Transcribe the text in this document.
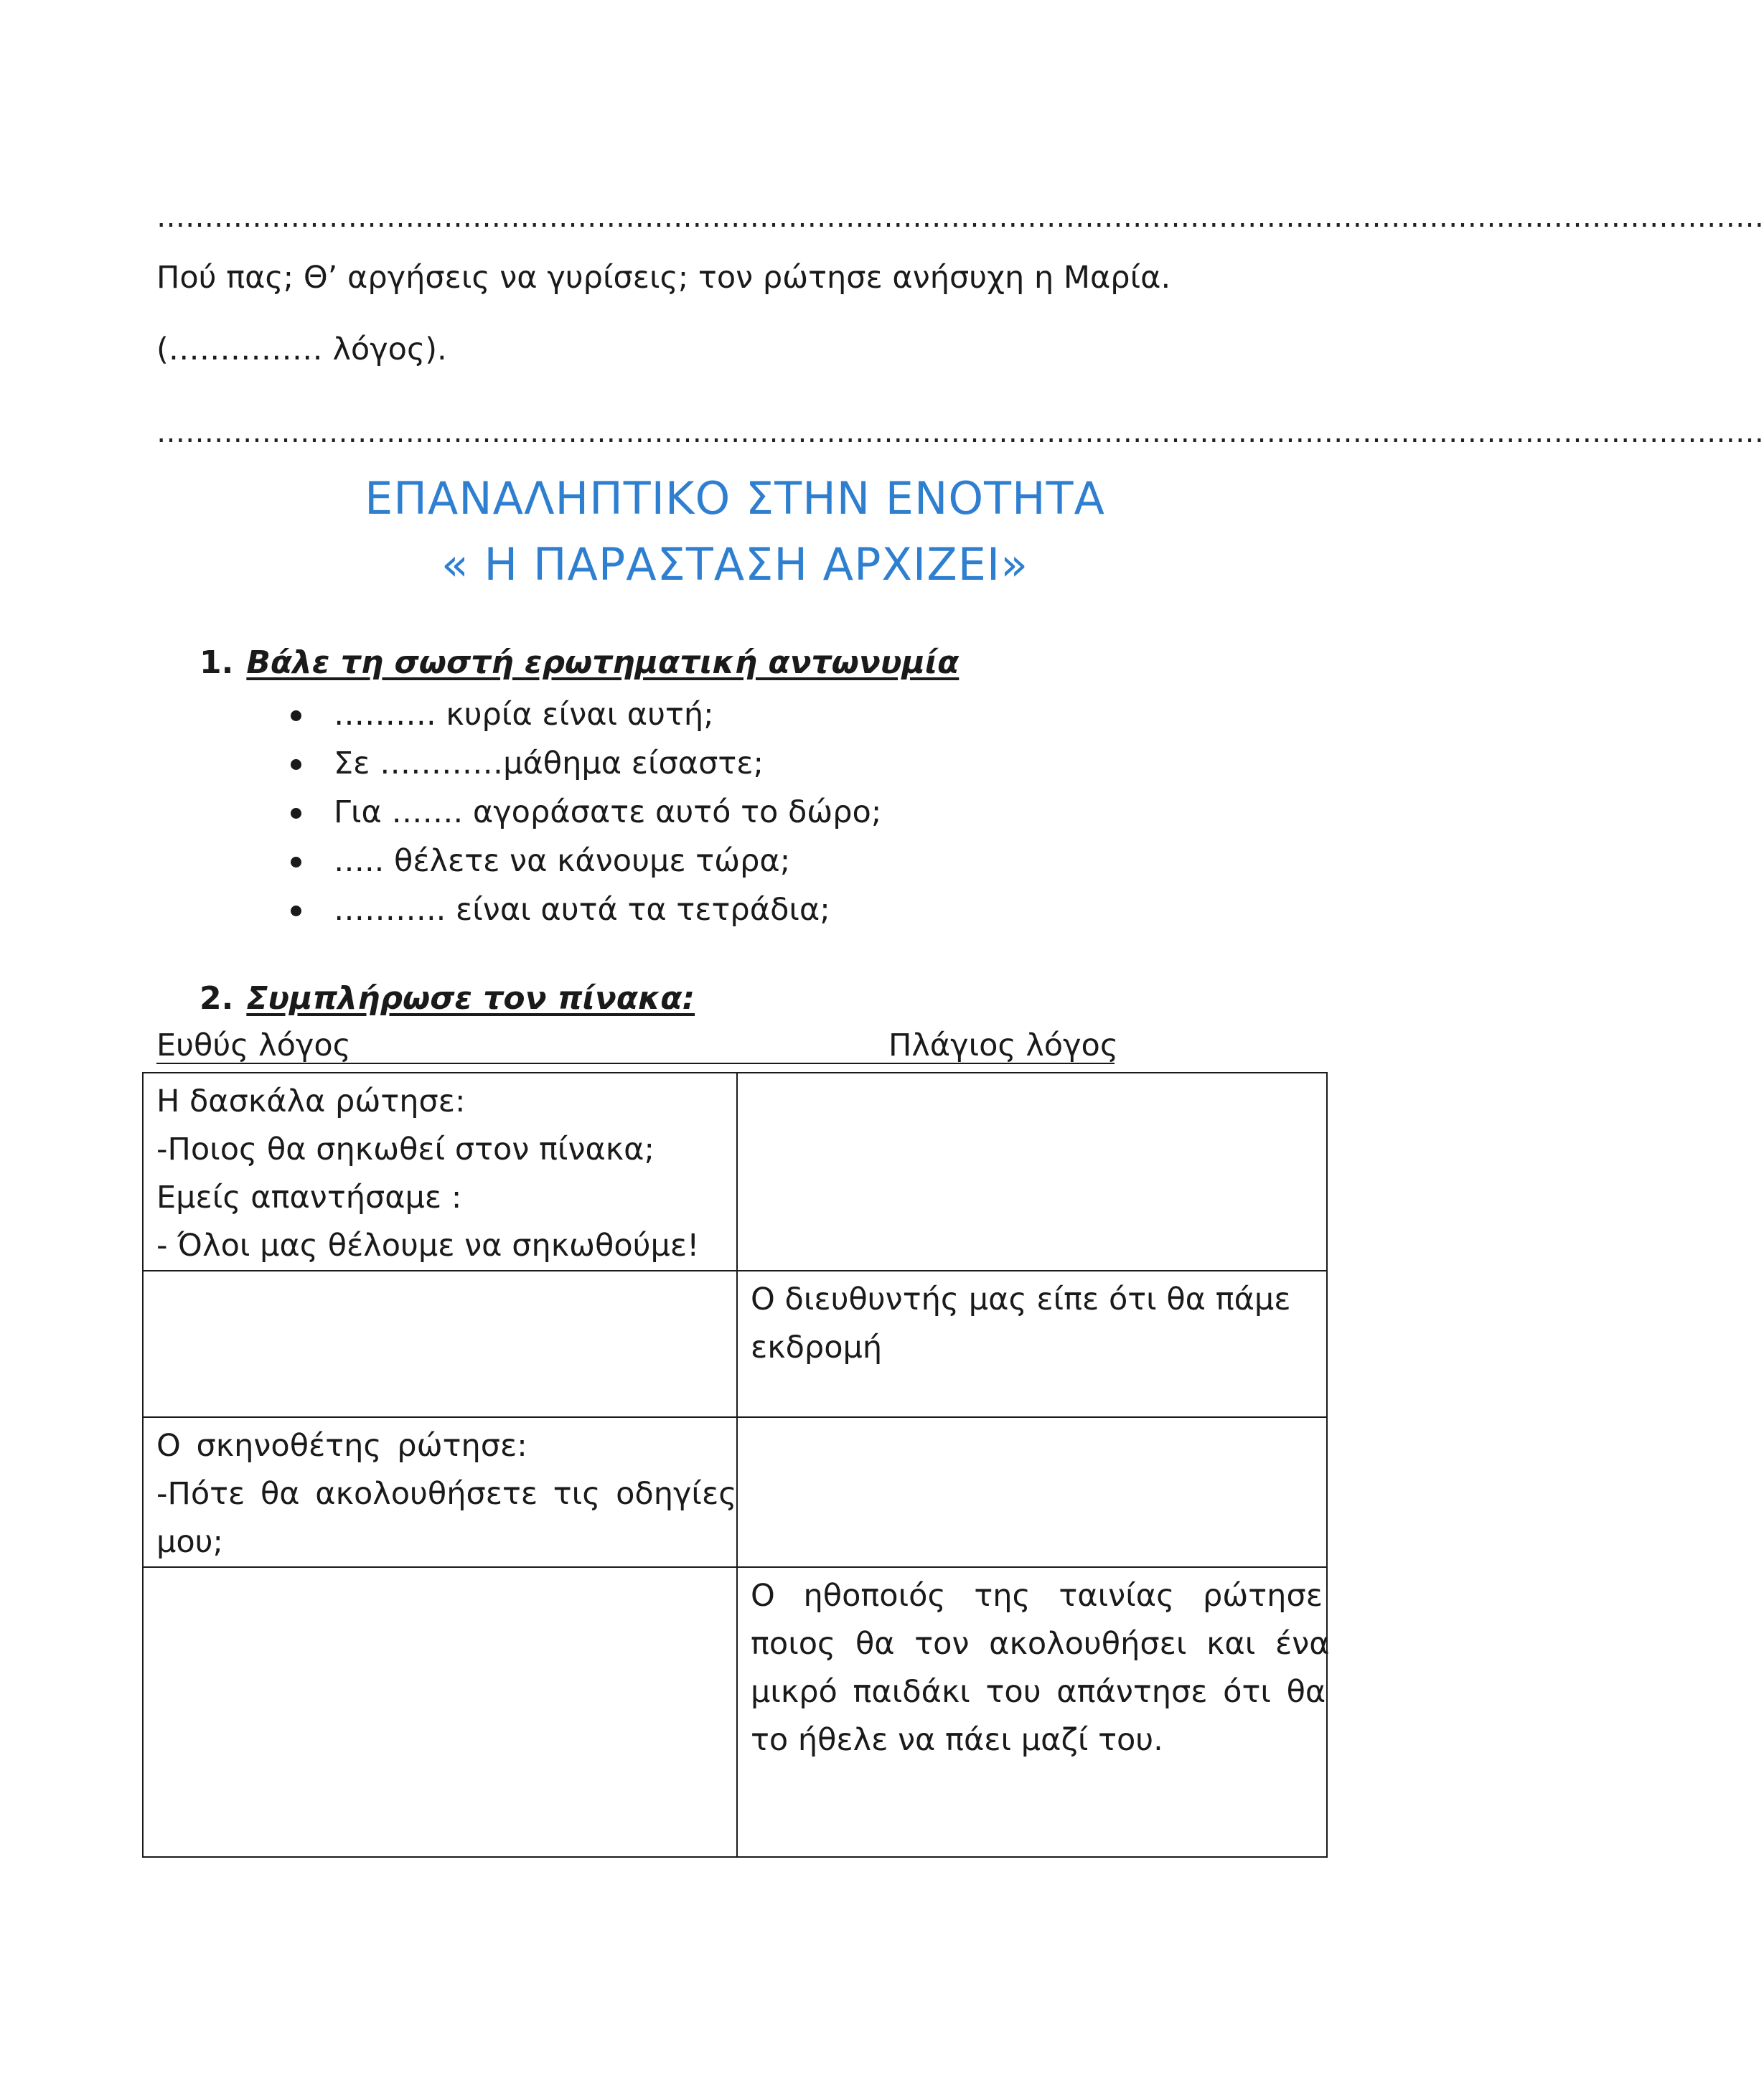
……………………………………………………………………………………………………………………………………………………
Πού πας; Θ’ αργήσεις να γυρίσεις; τον ρώτησε ανήσυχη η Μαρία.
(…………… λόγος).
……………………………………………………………………………………………………………………………………………………
ΕΠΑΝΑΛΗΠΤΙΚΟ ΣΤΗΝ ΕΝΟΤΗΤΑ
« Η ΠΑΡΑΣΤΑΣΗ ΑΡΧΙΖΕΙ»
1. Βάλε τη σωστή ερωτηματική αντωνυμία
………. κυρία είναι αυτή;
Σε …………μάθημα είσαστε;
Για ……. αγοράσατε αυτό το δώρο;
….. θέλετε να κάνουμε τώρα;
……….. είναι αυτά τα τετράδια;
2. Συμπλήρωσε τον πίνακα:
Ευθύς λόγος	Πλάγιος λόγος
Η δασκάλα ρώτησε:
-Ποιος θα σηκωθεί στον πίνακα;
Εμείς απαντήσαμε :
- Όλοι μας θέλουμε να σηκωθούμε!	

	Ο διευθυντής μας είπε ότι θα πάμε
εκδρομή

Ο σκηνοθέτης ρώτησε:
-Πότε θα ακολουθήσετε τις οδηγίες
μου;	

	Ο ηθοποιός της ταινίας ρώτησε
ποιος θα τον ακολουθήσει και ένα
μικρό παιδάκι του απάντησε ότι θα
το ήθελε να πάει μαζί του.
